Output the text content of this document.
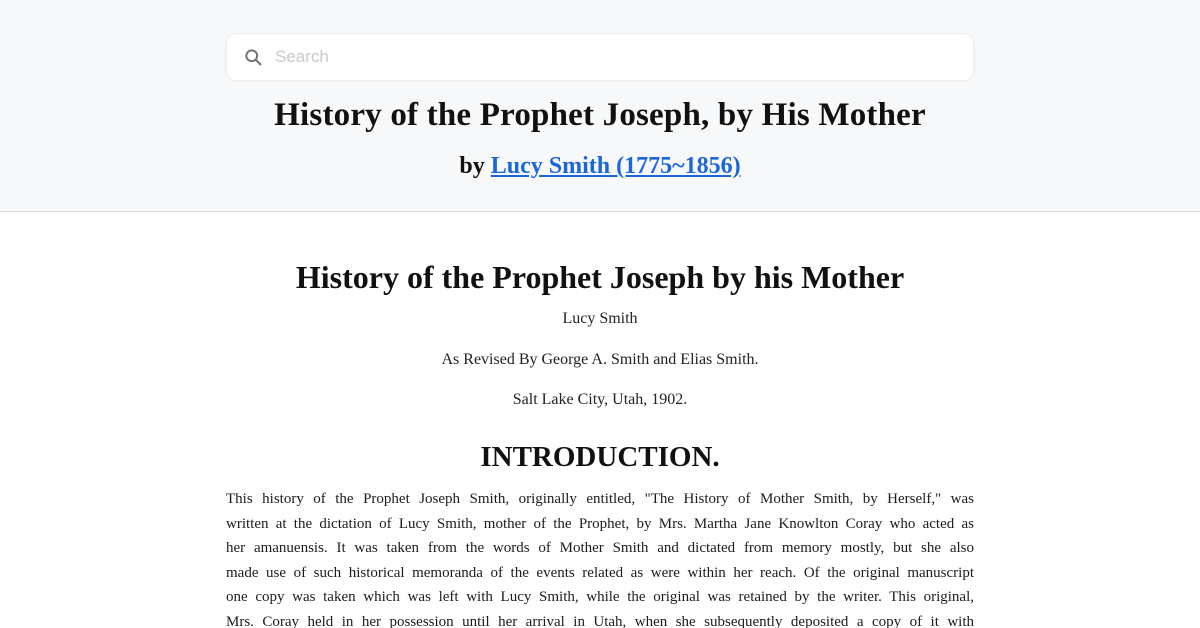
Search
History of the Prophet Joseph, by His Mother
by Lucy Smith (1775~1856)
History of the Prophet Joseph by his Mother

Lucy Smith

As Revised By George A. Smith and Elias Smith.

Salt Lake City, Utah, 1902.

INTRODUCTION.
This history of the Prophet Joseph Smith, originally entitled, "The History of Mother Smith, by Herself," was
written at the dictation of Lucy Smith, mother of the Prophet, by Mrs. Martha Jane Knowlton Coray who acted as
her amanuensis. It was taken from the words of Mother Smith and dictated from memory mostly, but she also
made use of such historical memoranda of the events related as were within her reach. Of the original manuscript
one copy was taken which was left with Lucy Smith, while the original was retained by the writer. This original,
Mrs. Coray held in her possession until her arrival in Utah, when she subsequently deposited a copy of it with
